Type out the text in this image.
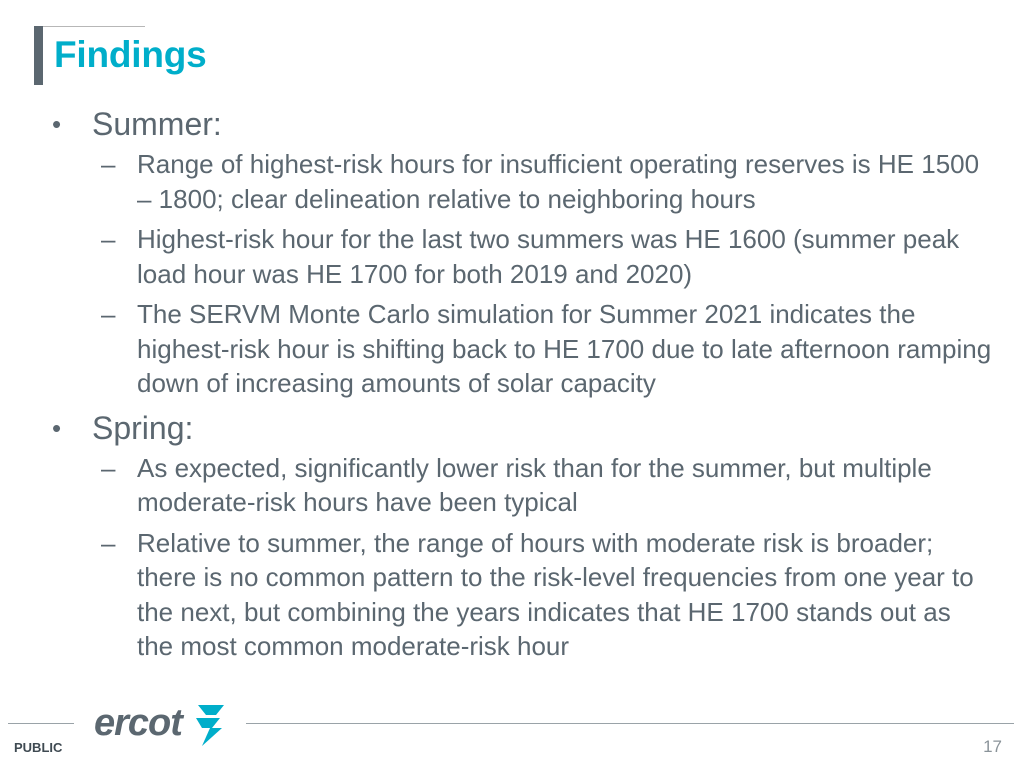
Findings
• Summer:
– Range of highest-risk hours for insufficient operating reserves is HE 1500 – 1800; clear delineation relative to neighboring hours
– Highest-risk hour for the last two summers was HE 1600 (summer peak load hour was HE 1700 for both 2019 and 2020)
– The SERVM Monte Carlo simulation for Summer 2021 indicates the highest-risk hour is shifting back to HE 1700 due to late afternoon ramping down of increasing amounts of solar capacity
• Spring:
– As expected, significantly lower risk than for the summer, but multiple moderate-risk hours have been typical
– Relative to summer, the range of hours with moderate risk is broader; there is no common pattern to the risk-level frequencies from one year to the next, but combining the years indicates that HE 1700 stands out as the most common moderate-risk hour
ercot
PUBLIC	17
